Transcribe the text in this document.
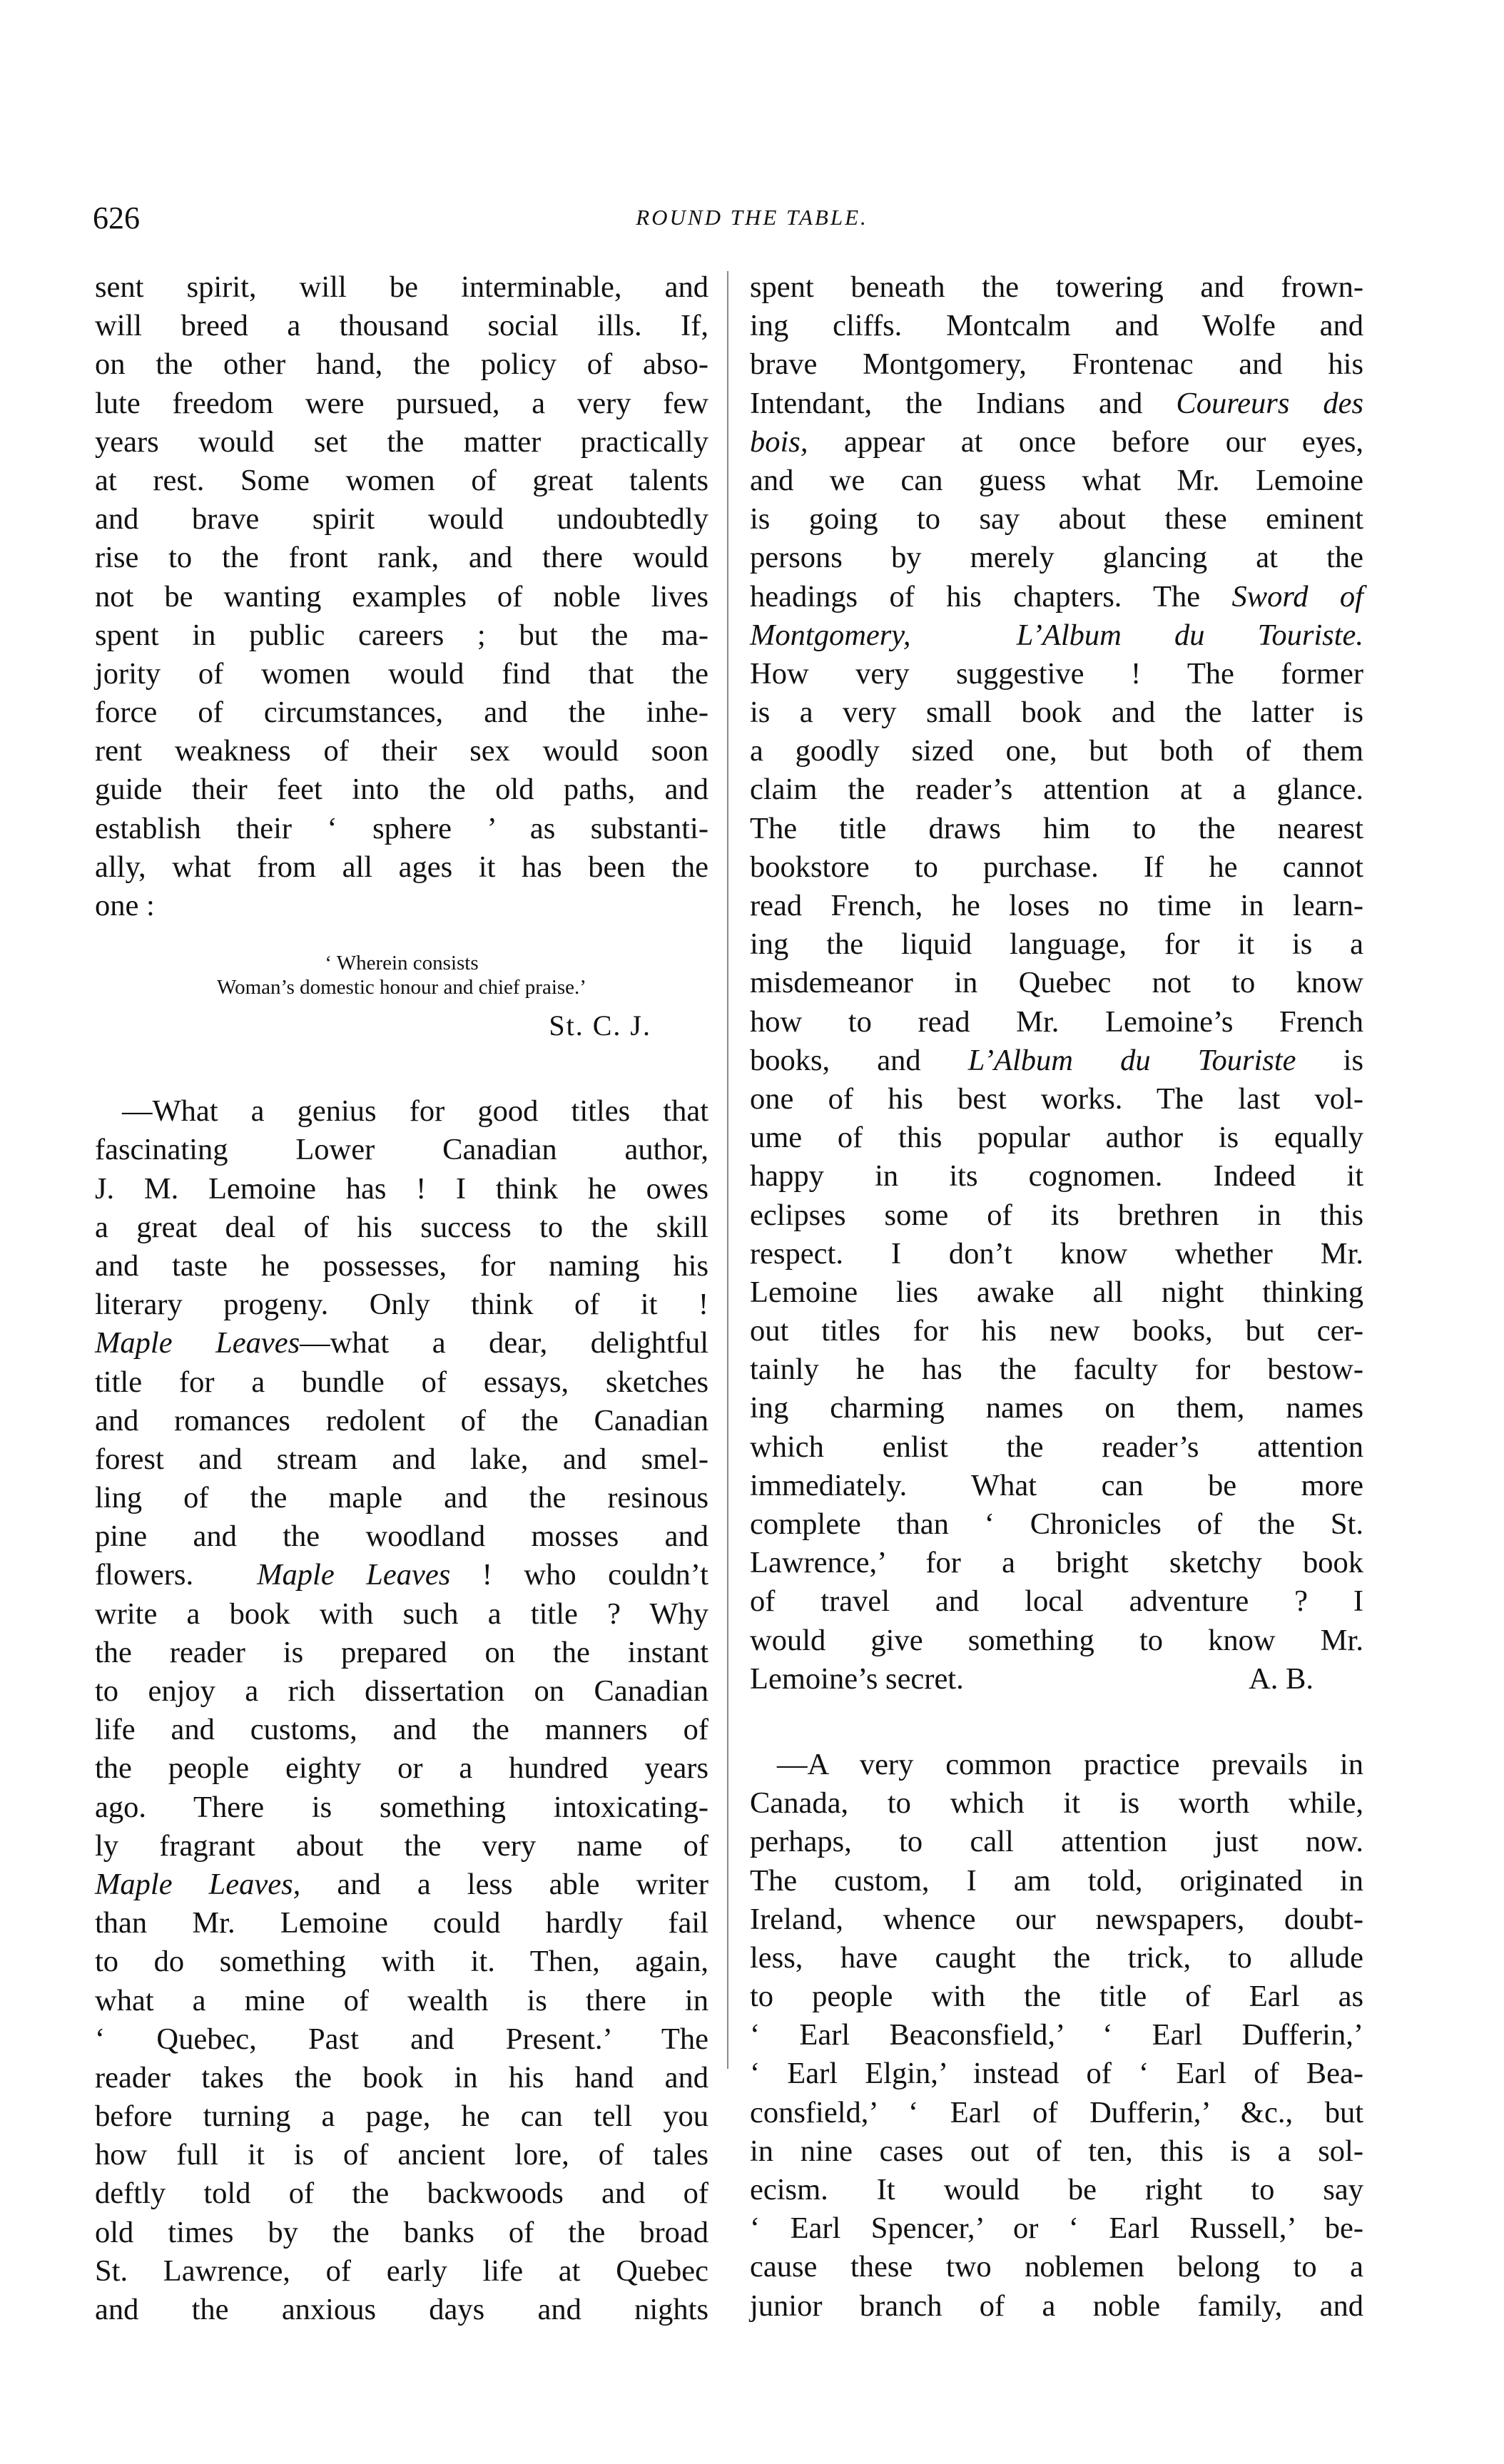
626	ROUND THE TABLE.
sent spirit, will be interminable, and
will breed a thousand social ills. If,
on the other hand, the policy of abso-
lute freedom were pursued, a very few
years would set the matter practically
at rest. Some women of great talents
and brave spirit would undoubtedly
rise to the front rank, and there would
not be wanting examples of noble lives
spent in public careers ; but the ma-
jority of women would find that the
force of circumstances, and the inhe-
rent weakness of their sex would soon
guide their feet into the old paths, and
establish their ‘ sphere ’ as substanti-
ally, what from all ages it has been the
one :
‘ Wherein consists
Woman’s domestic honour and chief praise.’
St. C. J.
—What a genius for good titles that
fascinating Lower Canadian author,
J. M. Lemoine has ! I think he owes
a great deal of his success to the skill
and taste he possesses, for naming his
literary progeny. Only think of it !
Maple Leaves—what a dear, delightful
title for a bundle of essays, sketches
and romances redolent of the Canadian
forest and stream and lake, and smel-
ling of the maple and the resinous
pine and the woodland mosses and
flowers. Maple Leaves ! who couldn’t
write a book with such a title ? Why
the reader is prepared on the instant
to enjoy a rich dissertation on Canadian
life and customs, and the manners of
the people eighty or a hundred years
ago. There is something intoxicating-
ly fragrant about the very name of
Maple Leaves, and a less able writer
than Mr. Lemoine could hardly fail
to do something with it. Then, again,
what a mine of wealth is there in
‘ Quebec, Past and Present.’ The
reader takes the book in his hand and
before turning a page, he can tell you
how full it is of ancient lore, of tales
deftly told of the backwoods and of
old times by the banks of the broad
St. Lawrence, of early life at Quebec
and the anxious days and nights
spent beneath the towering and frown-
ing cliffs. Montcalm and Wolfe and
brave Montgomery, Frontenac and his
Intendant, the Indians and Coureurs des
bois, appear at once before our eyes,
and we can guess what Mr. Lemoine
is going to say about these eminent
persons by merely glancing at the
headings of his chapters. The Sword of
Montgomery,	L’Album du Touriste.
How very suggestive ! The former
is a very small book and the latter is
a goodly sized one, but both of them
claim the reader’s attention at a glance.
The title draws him to the nearest
bookstore to purchase. If he cannot
read French, he loses no time in learn-
ing the liquid language, for it is a
misdemeanor in Quebec not to know
how to read Mr. Lemoine’s French
books, and L’Album du Touriste is
one of his best works. The last vol-
ume of this popular author is equally
happy in its cognomen. Indeed it
eclipses some of its brethren in this
respect. I don’t know whether Mr.
Lemoine lies awake all night thinking
out titles for his new books, but cer-
tainly he has the faculty for bestow-
ing charming names on them, names
which enlist the reader’s attention
immediately. What can be more
complete than ‘ Chronicles of the St.
Lawrence,’ for a bright sketchy book
of travel and local adventure ? I
would give something to know Mr.
Lemoine’s secret.	A. B.
—A very common practice prevails in
Canada, to which it is worth while,
perhaps, to call attention just now.
The custom, I am told, originated in
Ireland, whence our newspapers, doubt-
less, have caught the trick, to allude
to people with the title of Earl as
‘ Earl Beaconsfield,’ ‘ Earl Dufferin,’
‘ Earl Elgin,’ instead of ‘ Earl of Bea-
consfield,’ ‘ Earl of Dufferin,’ &c., but
in nine cases out of ten, this is a sol-
ecism. It would be right to say
‘ Earl Spencer,’ or ‘ Earl Russell,’ be-
cause these two noblemen belong to a
junior branch of a noble family, and
